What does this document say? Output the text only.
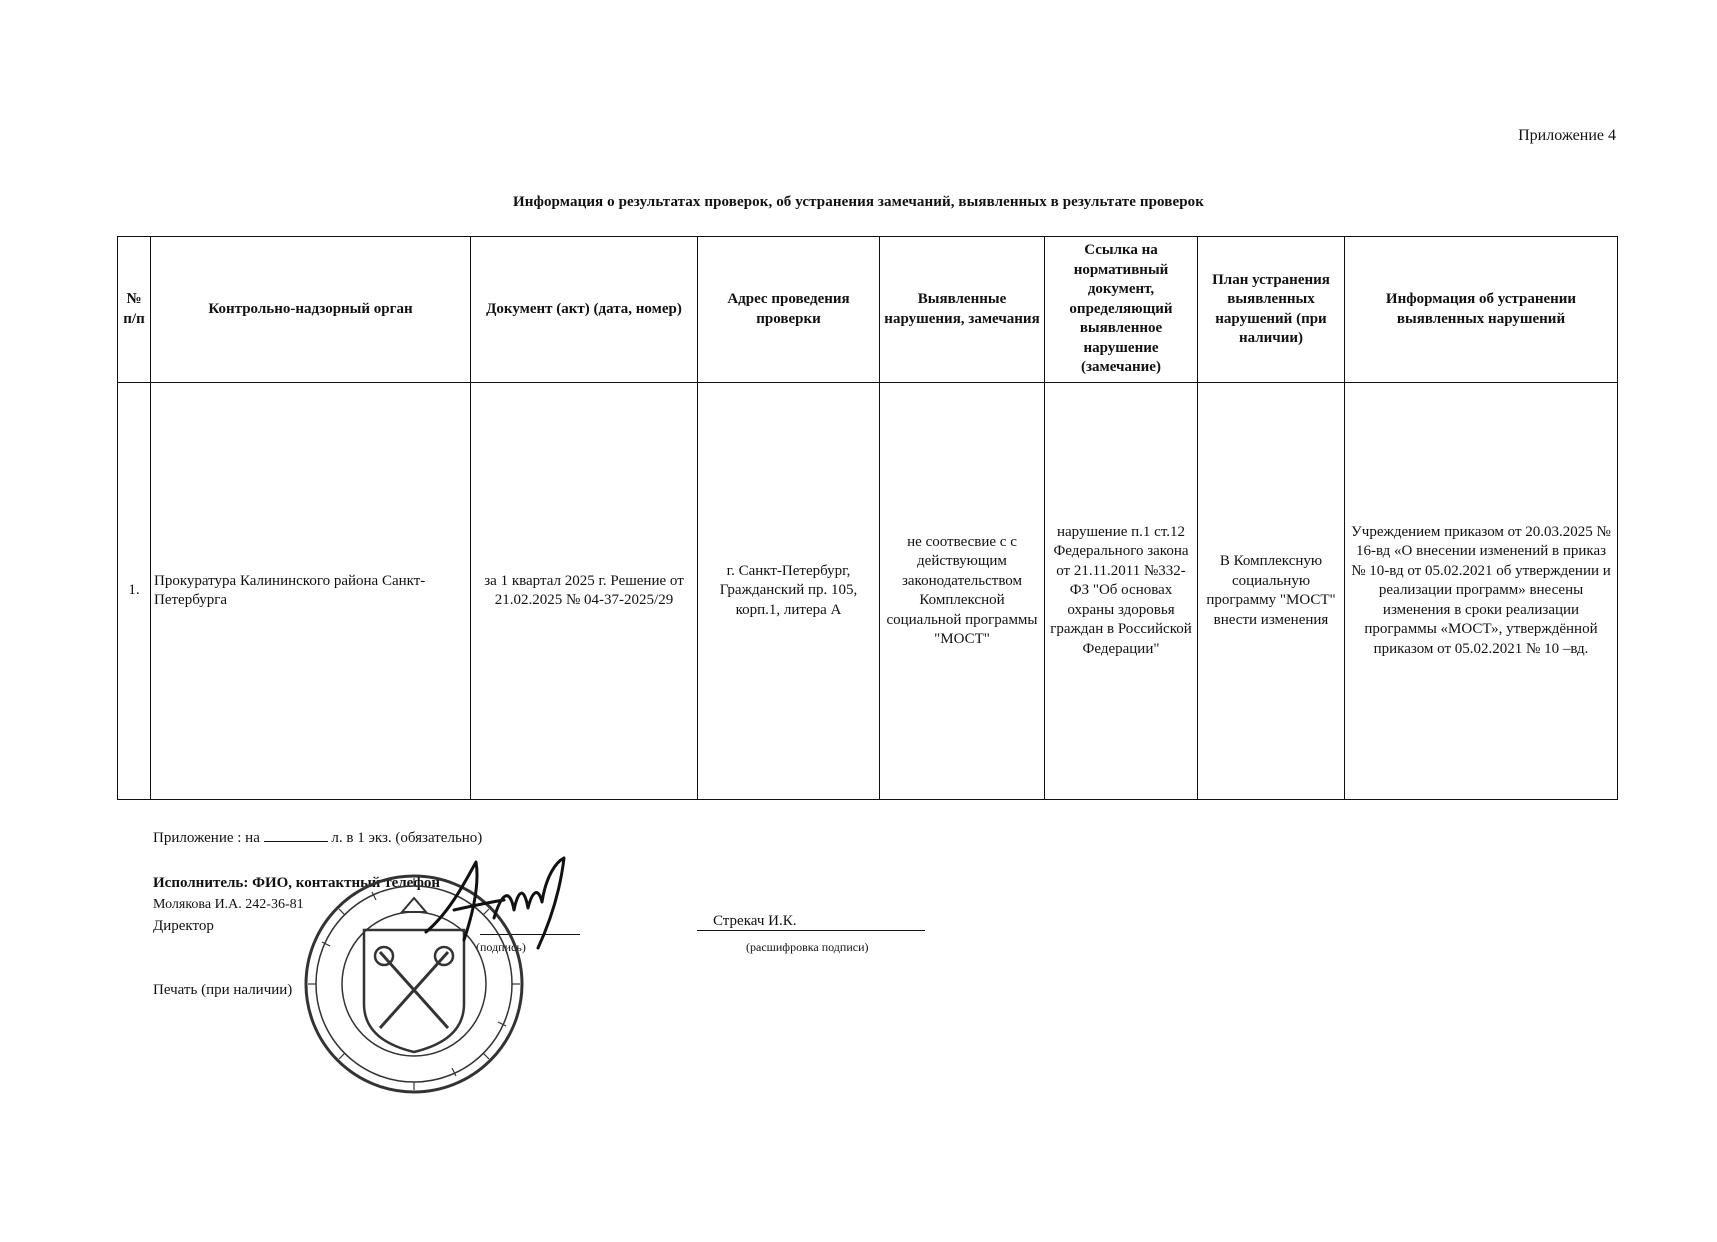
Приложение 4
Информация о результатах проверок, об устранения замечаний, выявленных в результате проверок
№ п/п	Контрольно-надзорный орган	Документ (акт) (дата, номер)	Адрес проведения проверки	Выявленные нарушения, замечания	Ссылка на нормативный документ, определяющий выявленное нарушение (замечание)	План устранения выявленных нарушений (при наличии)	Информация об устранении выявленных нарушений
1.	Прокуратура Калининского района Санкт-Петербурга	за 1 квартал 2025 г. Решение от 21.02.2025 № 04-37-2025/29	г. Санкт-Петербург, Гражданский пр. 105, корп.1, литера А	не соотвесвие с с действующим законодательством Комплексной социальной программы "МОСТ"	нарушение п.1 ст.12 Федерального закона от 21.11.2011 №332-ФЗ "Об основах охраны здоровья граждан в Российской Федерации"	В Комплексную социальную программу "МОСТ" внести изменения	Учреждением приказом от 20.03.2025 № 16-вд «О внесении изменений в приказ № 10-вд от 05.02.2021 об утверждении и реализации программ» внесены изменения в сроки реализации программы «МОСТ», утверждённой приказом от 05.02.2021 № 10 –вд.
Приложение : на	л. в 1 экз. (обязательно)
Исполнитель: ФИО, контактный телефон
Молякова И.А. 242-36-81
Директор
(подпись)
Стрекач И.К.
(расшифровка подписи)
Печать (при наличии)
